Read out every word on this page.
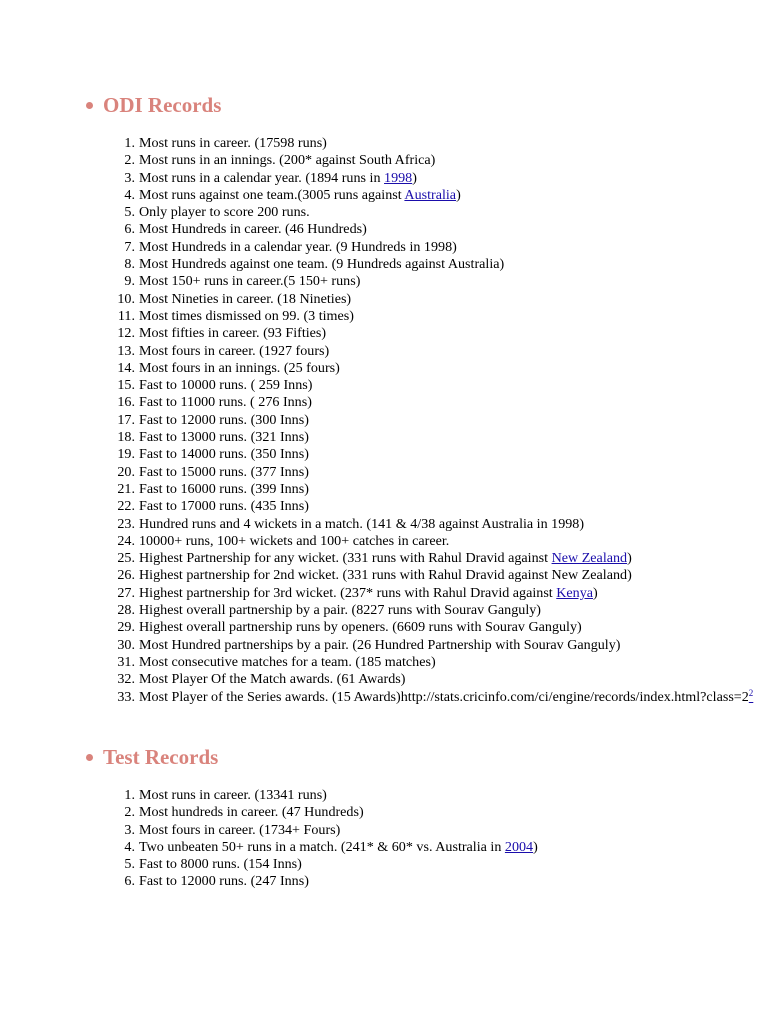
ODI Records
1. Most runs in career. (17598 runs)
2. Most runs in an innings. (200* against South Africa)
3. Most runs in a calendar year. (1894 runs in 1998)
4. Most runs against one team.(3005 runs against Australia)
5. Only player to score 200 runs.
6. Most Hundreds in career. (46 Hundreds)
7. Most Hundreds in a calendar year. (9 Hundreds in 1998)
8. Most Hundreds against one team. (9 Hundreds against Australia)
9. Most 150+ runs in career.(5 150+ runs)
10. Most Nineties in career. (18 Nineties)
11. Most times dismissed on 99. (3 times)
12. Most fifties in career. (93 Fifties)
13. Most fours in career. (1927 fours)
14. Most fours in an innings. (25 fours)
15. Fast to 10000 runs. ( 259 Inns)
16. Fast to 11000 runs. ( 276 Inns)
17. Fast to 12000 runs. (300 Inns)
18. Fast to 13000 runs. (321 Inns)
19. Fast to 14000 runs. (350 Inns)
20. Fast to 15000 runs. (377 Inns)
21. Fast to 16000 runs. (399 Inns)
22. Fast to 17000 runs. (435 Inns)
23. Hundred runs and 4 wickets in a match. (141 & 4/38 against Australia in 1998)
24. 10000+ runs, 100+ wickets and 100+ catches in career.
25. Highest Partnership for any wicket. (331 runs with Rahul Dravid against New Zealand)
26. Highest partnership for 2nd wicket. (331 runs with Rahul Dravid against New Zealand)
27. Highest partnership for 3rd wicket. (237* runs with Rahul Dravid against Kenya)
28. Highest overall partnership by a pair. (8227 runs with Sourav Ganguly)
29. Highest overall partnership runs by openers. (6609 runs with Sourav Ganguly)
30. Most Hundred partnerships by a pair. (26 Hundred Partnership with Sourav Ganguly)
31. Most consecutive matches for a team. (185 matches)
32. Most Player Of the Match awards. (61 Awards)
33. Most Player of the Series awards. (15 Awards)http://stats.cricinfo.com/ci/engine/records/index.html?class=2$^2$
Test Records
1. Most runs in career. (13341 runs)
2. Most hundreds in career. (47 Hundreds)
3. Most fours in career. (1734+ Fours)
4. Two unbeaten 50+ runs in a match. (241* & 60* vs. Australia in 2004)
5. Fast to 8000 runs. (154 Inns)
6. Fast to 12000 runs. (247 Inns)
